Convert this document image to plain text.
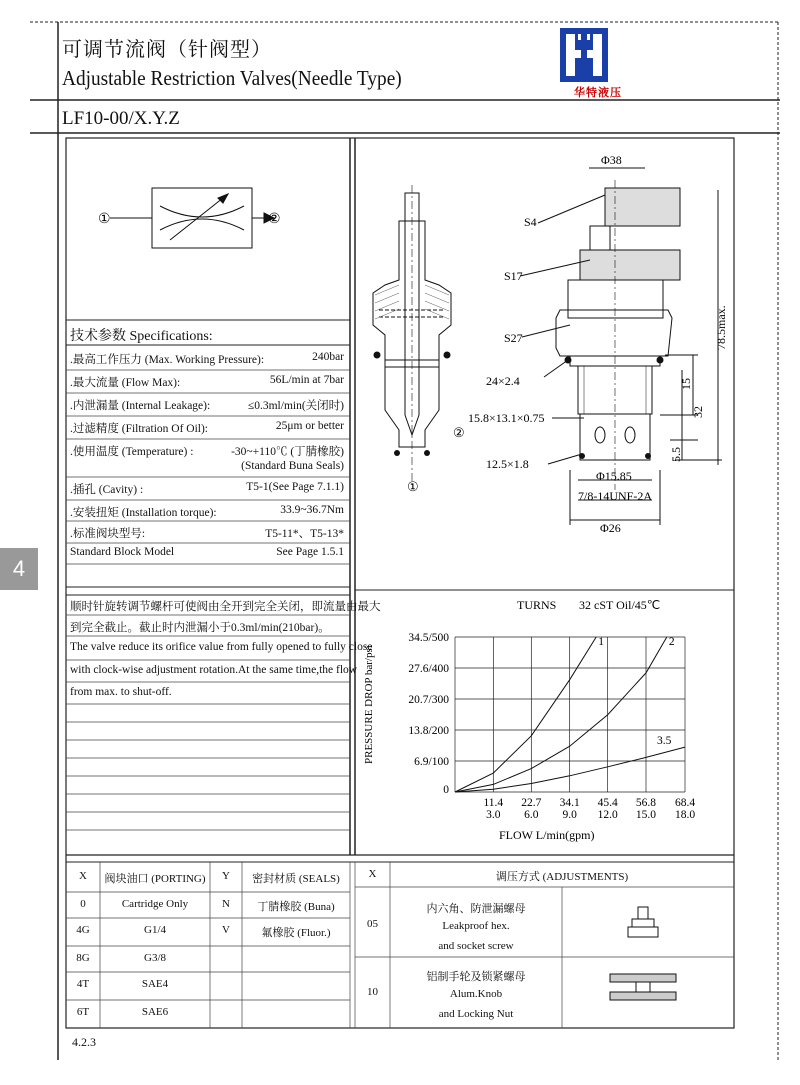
可调节流阀（针阀型）
Adjustable Restriction Valves(Needle Type)
LF10-00/X.Y.Z
华特液压
4
①	②
②
①
Φ38
S4
S17
S27
24×2.4
15.8×13.1×0.75
12.5×1.8
Φ15.85
7/8-14UNF-2A
Φ26
78.5max.
15
32
5.5
技术参数 Specifications:
.最高工作压力 (Max. Working Pressure):	240bar
.最大流量 (Flow Max):	56L/min at 7bar
.内泄漏量 (Internal Leakage):	≤0.3ml/min(关闭时)
.过滤精度 (Filtration Of Oil):	25μm or better
.使用温度 (Temperature) :	-30~+110℃ (丁腈橡胶)
(Standard Buna Seals)
.插孔 (Cavity) :	T5-1(See Page 7.1.1)
.安装扭矩 (Installation torque):	33.9~36.7Nm
.标准阀块型号:	T5-11*、T5-13*
Standard Block Model	See Page 1.5.1
顺时针旋转调节螺杆可使阀由全开到完全关闭，即流量由最大
到完全截止。截止时内泄漏小于0.3ml/min(210bar)。
The valve reduce its orifice value from fully opened to fully close
with clock-wise adjustment rotation.At the same time,the flow
from max. to shut-off.
TURNS 32 cST Oil/45℃
PRESSURE DROP bar/psi
FLOW L/min(gpm)
0
6.9/100
13.8/200
20.7/300
27.6/400
34.5/500
11.4 22.7 34.1 45.4 56.8 68.4
3.0 6.0 9.0 12.0 15.0 18.0
1	2
3.5
X	阀块油口 (PORTING)	Y	密封材质 (SEALS)
0	Cartridge Only	N	丁腈橡胶 (Buna)
4G	G1/4	V	氟橡胶 (Fluor.)
8G	G3/8
4T	SAE4
6T	SAE6
X	调压方式 (ADJUSTMENTS)
05
内六角、防泄漏螺母
Leakproof hex.
and socket screw
10
铝制手轮及锁紧螺母
Alum.Knob
and Locking Nut
4.2.3
